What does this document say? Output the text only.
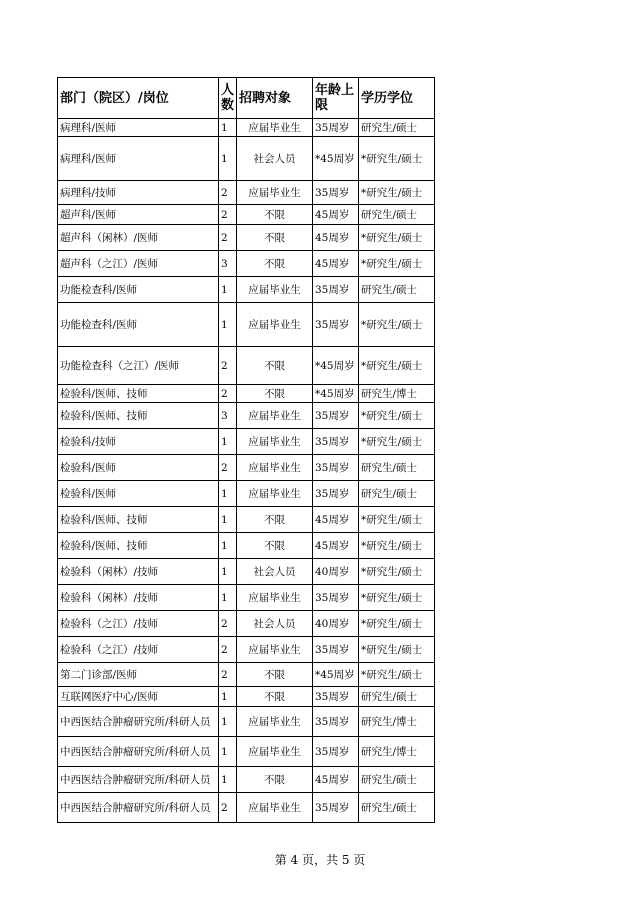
部门（院区）/岗位	人数	招聘对象	年龄上限	学历学位
病理科/医师	1	应届毕业生	35周岁	研究生/硕士
病理科/医师	1	社会人员	*45周岁	*研究生/硕士
病理科/技师	2	应届毕业生	35周岁	*研究生/硕士
超声科/医师	2	不限	45周岁	研究生/硕士
超声科（闲林）/医师	2	不限	45周岁	*研究生/硕士
超声科（之江）/医师	3	不限	45周岁	*研究生/硕士
功能检查科/医师	1	应届毕业生	35周岁	研究生/硕士
功能检查科/医师	1	应届毕业生	35周岁	*研究生/硕士
功能检查科（之江）/医师	2	不限	*45周岁	*研究生/硕士
检验科/医师、技师	2	不限	*45周岁	研究生/博士
检验科/医师、技师	3	应届毕业生	35周岁	*研究生/硕士
检验科/技师	1	应届毕业生	35周岁	*研究生/硕士
检验科/医师	2	应届毕业生	35周岁	研究生/硕士
检验科/医师	1	应届毕业生	35周岁	研究生/硕士
检验科/医师、技师	1	不限	45周岁	*研究生/硕士
检验科/医师、技师	1	不限	45周岁	*研究生/硕士
检验科（闲林）/技师	1	社会人员	40周岁	*研究生/硕士
检验科（闲林）/技师	1	应届毕业生	35周岁	*研究生/硕士
检验科（之江）/技师	2	社会人员	40周岁	*研究生/硕士
检验科（之江）/技师	2	应届毕业生	35周岁	*研究生/硕士
第二门诊部/医师	2	不限	*45周岁	*研究生/硕士
互联网医疗中心/医师	1	不限	35周岁	研究生/硕士
中西医结合肿瘤研究所/科研人员	1	应届毕业生	35周岁	研究生/博士
中西医结合肿瘤研究所/科研人员	1	应届毕业生	35周岁	研究生/博士
中西医结合肿瘤研究所/科研人员	1	不限	45周岁	研究生/硕士
中西医结合肿瘤研究所/科研人员	2	应届毕业生	35周岁	研究生/硕士
第 4 页，共 5 页
